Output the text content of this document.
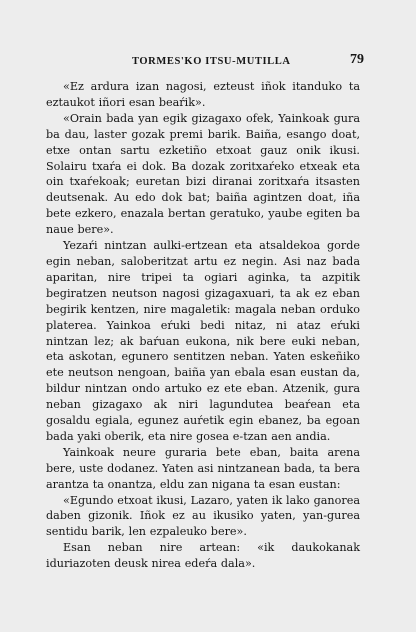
TORMES'KO ITSU-MUTILLA	79

«Ez ardura izan nagosi, ezteust iñok itanduko ta eztaukot iñori esan beaŕik».

«Orain bada yan egik gizagaxo ofek, Yainkoak gura ba dau, laster gozak premi barik. Baiña, esango doat, etxe ontan sartu ezketiño etxoat gauz onik ikusi. Solairu txaŕa ei dok. Ba dozak zoritxaŕeko etxeak eta oin txaŕekoak; euretan bizi diranai zoritxaŕa itsasten deutsenak. Au edo dok bat; baiña agintzen doat, iña bete ezkero, enazala bertan geratuko, yaube egiten ba naue bere».

Yezaŕi nintzan aulki-ertzean eta atsaldekoa gorde egin neban, saloberitzat artu ez negin. Asi naz bada aparitan, nire tripei ta ogiari aginka, ta azpitik begiratzen neutson nagosi gizagaxuari, ta ak ez eban begirik kentzen, nire magaletik: magala neban orduko platerea. Yainkoa eŕuki bedi nitaz, ni ataz eŕuki nintzan lez; ak baŕuan eukona, nik bere euki neban, eta askotan, egunero sentitzen neban. Yaten eskeñiko ete neutson nengoan, baiña yan ebala esan eustan da, bildur nintzan ondo artuko ez ete eban. Atzenik, gura neban gizagaxo ak niri lagundutea beaŕean eta gosaldu egiala, egunez auŕetik egin ebanez, ba egoan bada yaki oberik, eta nire gosea e-tzan aen andia.

Yainkoak neure guraria bete eban, baita arena bere, uste dodanez. Yaten asi nintzanean bada, ta bera arantza ta onantza, eldu zan nigana ta esan eustan:

«Egundo etxoat ikusi, Lazaro, yaten ik lako ganorea daben gizonik. Iñok ez au ikusiko yaten, yan-gurea sentidu barik, len ezpaleuko bere».

Esan neban nire artean: «ik daukokanak iduriazoten deusk nirea edeŕa dala».
